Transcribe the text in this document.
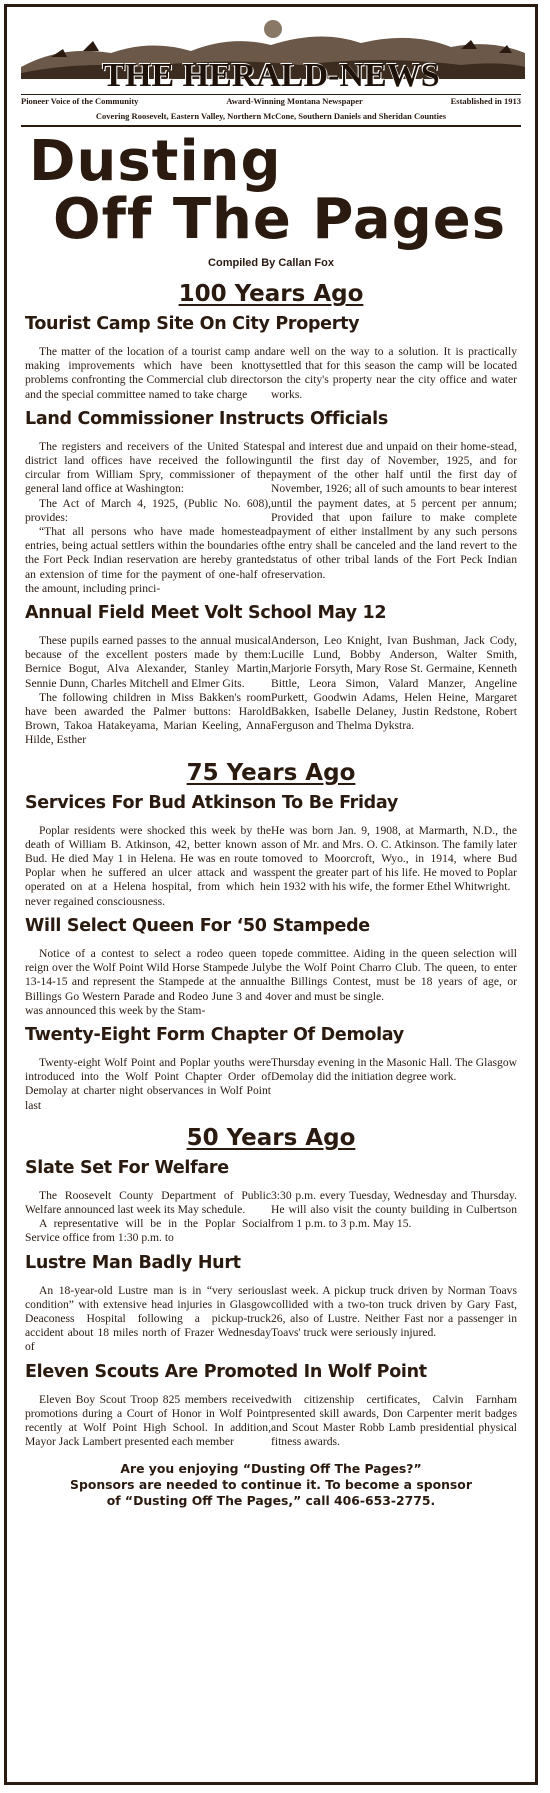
THE HERALD-NEWS
Pioneer Voice of the Community	Award-Winning Montana Newspaper	Established in 1913
Covering Roosevelt, Eastern Valley, Northern McCone, Southern Daniels and Sheridan Counties
Dusting
Off The Pages
Compiled By Callan Fox
100 Years Ago
Tourist Camp Site On City Property

The matter of the location of a tourist camp and making improvements which have been knotty problems confronting the Commercial club directors and the special committee named to take charge

are well on the way to a solution. It is practically settled that for this season the camp will be located on the city's property near the city office and water works.

Land Commissioner Instructs Officials

The registers and receivers of the United States district land offices have received the following circular from William Spry, commissioner of the general land office at Washington:

The Act of March 4, 1925, (Public No. 608), provides:

“That all persons who have made homestead entries, being actual settlers within the boundaries of the Fort Peck Indian reservation are hereby granted an extension of time for the payment of one-half of the amount, including princi-

pal and interest due and unpaid on their home-stead, until the first day of November, 1925, and for payment of the other half until the first day of November, 1926; all of such amounts to bear interest until the payment dates, at 5 percent per annum; Provided that upon failure to make complete payment of either installment by any such persons the entry shall be canceled and the land revert to the status of other tribal lands of the Fort Peck Indian reservation.

Annual Field Meet Volt School May 12

These pupils earned passes to the annual musical because of the excellent posters made by them: Bernice Bogut, Alva Alexander, Stanley Martin, Sennie Dunn, Charles Mitchell and Elmer Gits.

The following children in Miss Bakken's room have been awarded the Palmer buttons: Harold Brown, Takoa Hatakeyama, Marian Keeling, Anna Hilde, Esther

Anderson, Leo Knight, Ivan Bushman, Jack Cody, Lucille Lund, Bobby Anderson, Walter Smith, Marjorie Forsyth, Mary Rose St. Germaine, Kenneth Bittle, Leora Simon, Valard Manzer, Angeline Purkett, Goodwin Adams, Helen Heine, Margaret Bakken, Isabelle Delaney, Justin Redstone, Robert Ferguson and Thelma Dykstra.

75 Years Ago
Services For Bud Atkinson To Be Friday

Poplar residents were shocked this week by the death of William B. Atkinson, 42, better known as Bud. He died May 1 in Helena. He was en route to Poplar when he suffered an ulcer attack and was operated on at a Helena hospital, from which he never regained consciousness.

He was born Jan. 9, 1908, at Marmarth, N.D., the son of Mr. and Mrs. O. C. Atkinson. The family later moved to Moorcroft, Wyo., in 1914, where Bud spent the greater part of his life. He moved to Poplar in 1932 with his wife, the former Ethel Whitwright.

Will Select Queen For ‘50 Stampede

Notice of a contest to select a rodeo queen to reign over the Wolf Point Wild Horse Stampede July 13-14-15 and represent the Stampede at the annual Billings Go Western Parade and Rodeo June 3 and 4 was announced this week by the Stam-

pede committee. Aiding in the queen selection will be the Wolf Point Charro Club. The queen, to enter the Billings Contest, must be 18 years of age, or over and must be single.

Twenty-Eight Form Chapter Of Demolay

Twenty-eight Wolf Point and Poplar youths were introduced into the Wolf Point Chapter Order of Demolay at charter night observances in Wolf Point last

Thursday evening in the Masonic Hall. The Glasgow Demolay did the initiation degree work.

50 Years Ago
Slate Set For Welfare

The Roosevelt County Department of Public Welfare announced last week its May schedule.

A representative will be in the Poplar Social Service office from 1:30 p.m. to

3:30 p.m. every Tuesday, Wednesday and Thursday. He will also visit the county building in Culbertson from 1 p.m. to 3 p.m. May 15.

Lustre Man Badly Hurt

An 18-year-old Lustre man is in “very serious condition” with extensive head injuries in Glasgow Deaconess Hospital following a pickup-truck accident about 18 miles north of Frazer Wednesday of

last week. A pickup truck driven by Norman Toavs collided with a two-ton truck driven by Gary Fast, 26, also of Lustre. Neither Fast nor a passenger in Toavs' truck were seriously injured.

Eleven Scouts Are Promoted In Wolf Point

Eleven Boy Scout Troop 825 members received promotions during a Court of Honor in Wolf Point recently at Wolf Point High School. In addition, Mayor Jack Lambert presented each member

with citizenship certificates, Calvin Farnham presented skill awards, Don Carpenter merit badges and Scout Master Robb Lamb presidential physical fitness awards.

Are you enjoying “Dusting Off The Pages?”
Sponsors are needed to continue it. To become a sponsor
of “Dusting Off The Pages,” call 406-653-2775.
